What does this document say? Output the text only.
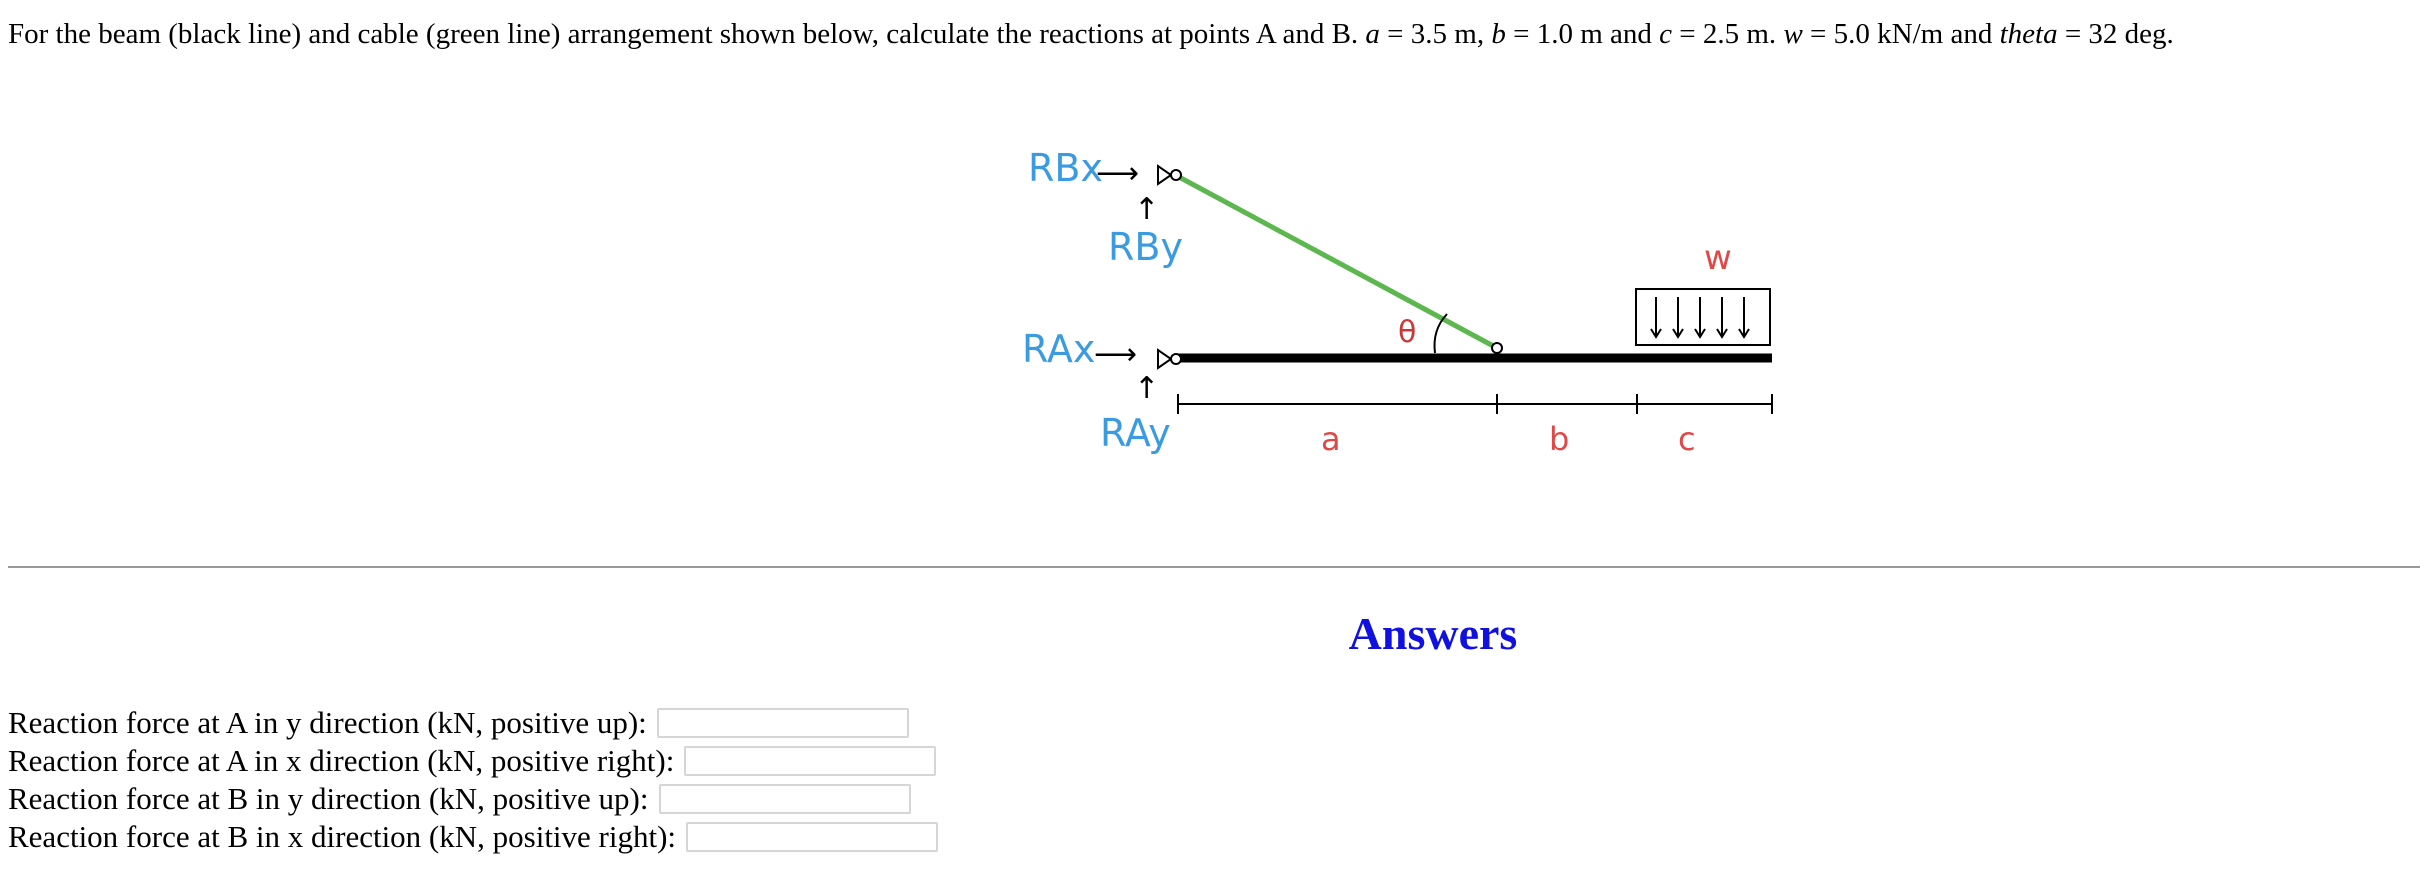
For the beam (black line) and cable (green line) arrangement shown below, calculate the reactions at points A and B. a = 3.5 m, b = 1.0 m and c = 2.5 m. w = 5.0 kN/m and theta = 32 deg.
θ
RBx
⟶
↑
RBy
RAx
⟶
↑
RAy
w
a	b	c
Answers
Reaction force at A in y direction (kN, positive up):
Reaction force at A in x direction (kN, positive right):
Reaction force at B in y direction (kN, positive up):
Reaction force at B in x direction (kN, positive right):
